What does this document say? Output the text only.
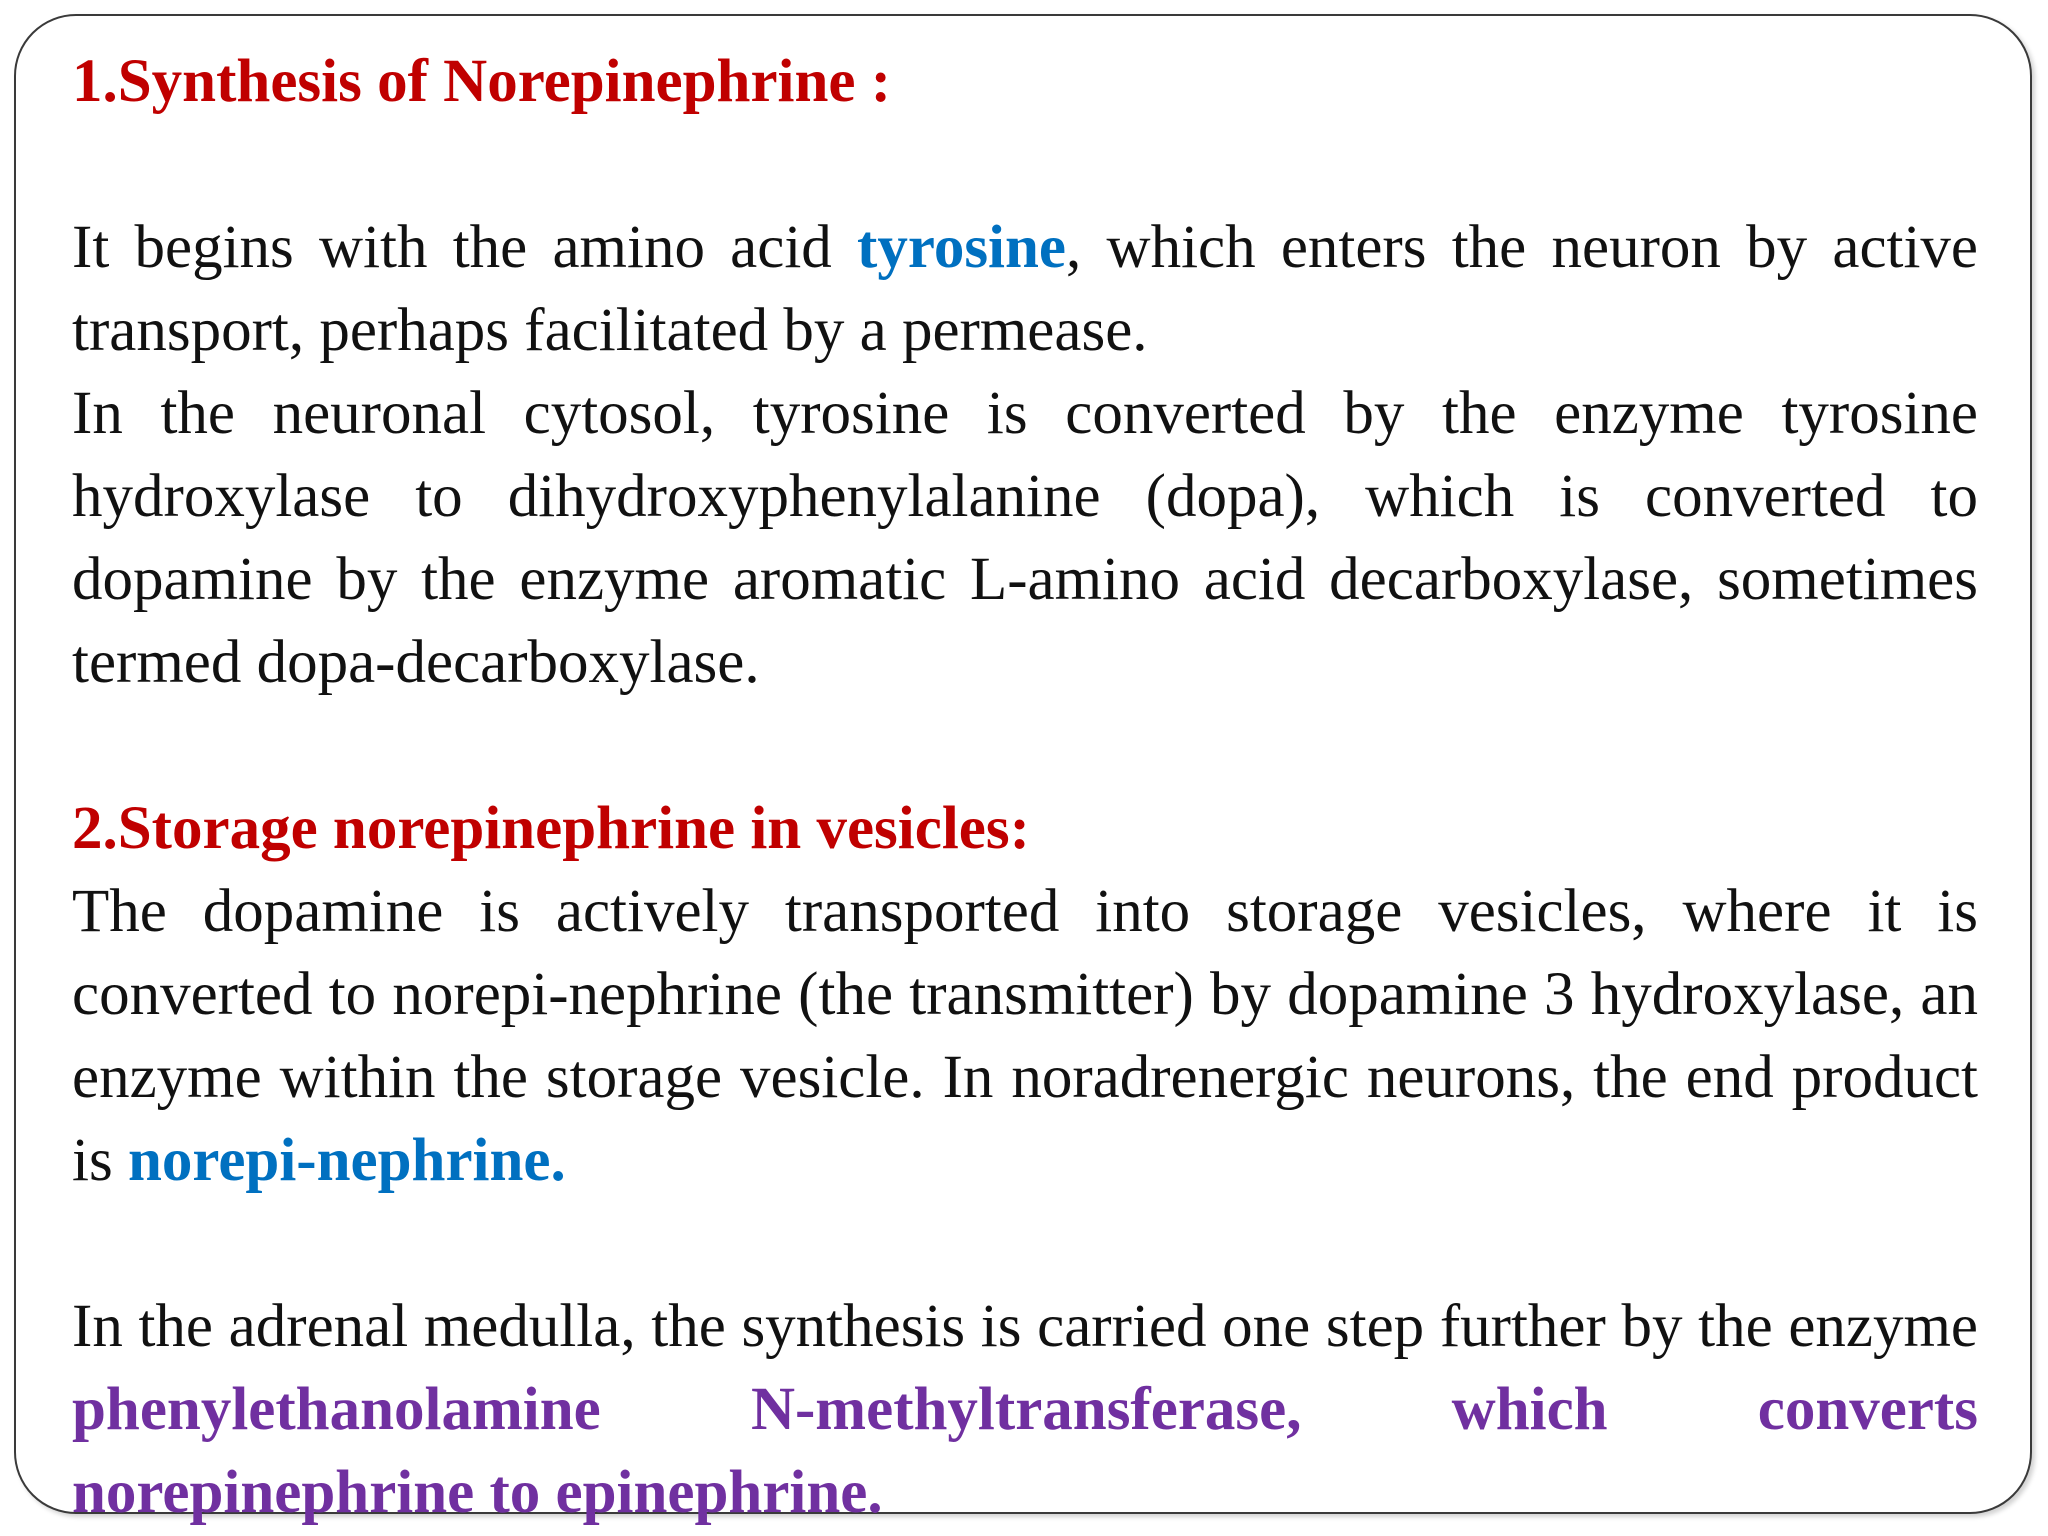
1.Synthesis of Norepinephrine :

It begins with the amino acid tyrosine, which enters the neuron by active transport, perhaps facilitated by a permease.

In the neuronal cytosol, tyrosine is converted by the enzyme tyrosine hydroxylase to dihydroxyphenylalanine (dopa), which is converted to dopamine by the enzyme aromatic L-amino acid decarboxylase, sometimes termed dopa-decarboxylase.

2.Storage norepinephrine in vesicles:

The dopamine is actively transported into storage vesicles, where it is converted to norepi-nephrine (the transmitter) by dopamine 3 hydroxylase, an enzyme within the storage vesicle. In noradrenergic neurons, the end product is norepi-nephrine.

In the adrenal medulla, the synthesis is carried one step further by the enzyme phenylethanolamine N-methyltransferase, which converts norepinephrine to epinephrine.
